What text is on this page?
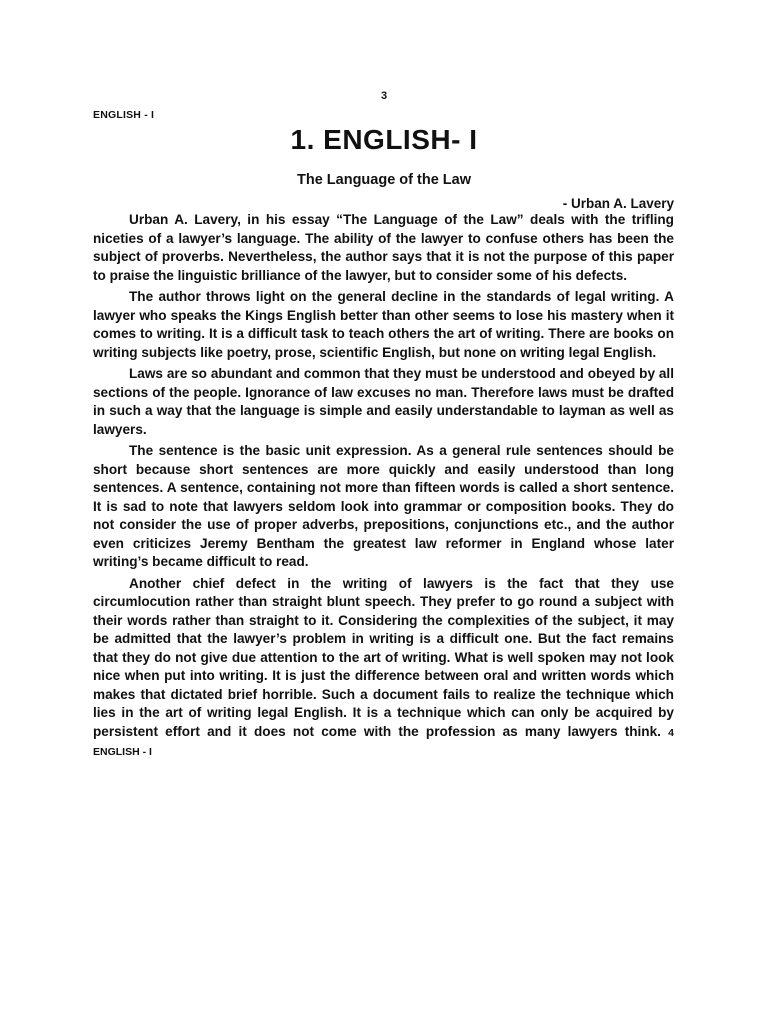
3
ENGLISH - I
1. ENGLISH- I
The Language of the Law
- Urban A. Lavery

Urban A. Lavery, in his essay “The Language of the Law” deals with the trifling niceties of a lawyer’s language. The ability of the lawyer to confuse others has been the subject of proverbs. Nevertheless, the author says that it is not the purpose of this paper to praise the linguistic brilliance of the lawyer, but to consider some of his defects.

The author throws light on the general decline in the standards of legal writing. A lawyer who speaks the Kings English better than other seems to lose his mastery when it comes to writing. It is a difficult task to teach others the art of writing. There are books on writing subjects like poetry, prose, scientific English, but none on writing legal English.

Laws are so abundant and common that they must be understood and obeyed by all sections of the people. Ignorance of law excuses no man. Therefore laws must be drafted in such a way that the language is simple and easily understandable to layman as well as lawyers.

The sentence is the basic unit expression. As a general rule sentences should be short because short sentences are more quickly and easily understood than long sentences. A sentence, containing not more than fifteen words is called a short sentence. It is sad to note that lawyers seldom look into grammar or composition books. They do not consider the use of proper adverbs, prepositions, conjunctions etc., and the author even criticizes Jeremy Bentham the greatest law reformer in England whose later writing’s became difficult to read.

Another chief defect in the writing of lawyers is the fact that they use circumlocution rather than straight blunt speech. They prefer to go round a subject with their words rather than straight to it. Considering the complexities of the subject, it may be admitted that the lawyer’s problem in writing is a difficult one. But the fact remains that they do not give due attention to the art of writing. What is well spoken may not look nice when put into writing. It is just the difference between oral and written words which makes that dictated brief horrible. Such a document fails to realize the technique which lies in the art of writing legal English. It is a technique which can only be acquired by persistent effort and it does not come with the profession as many lawyers think. 4 ENGLISH - I
